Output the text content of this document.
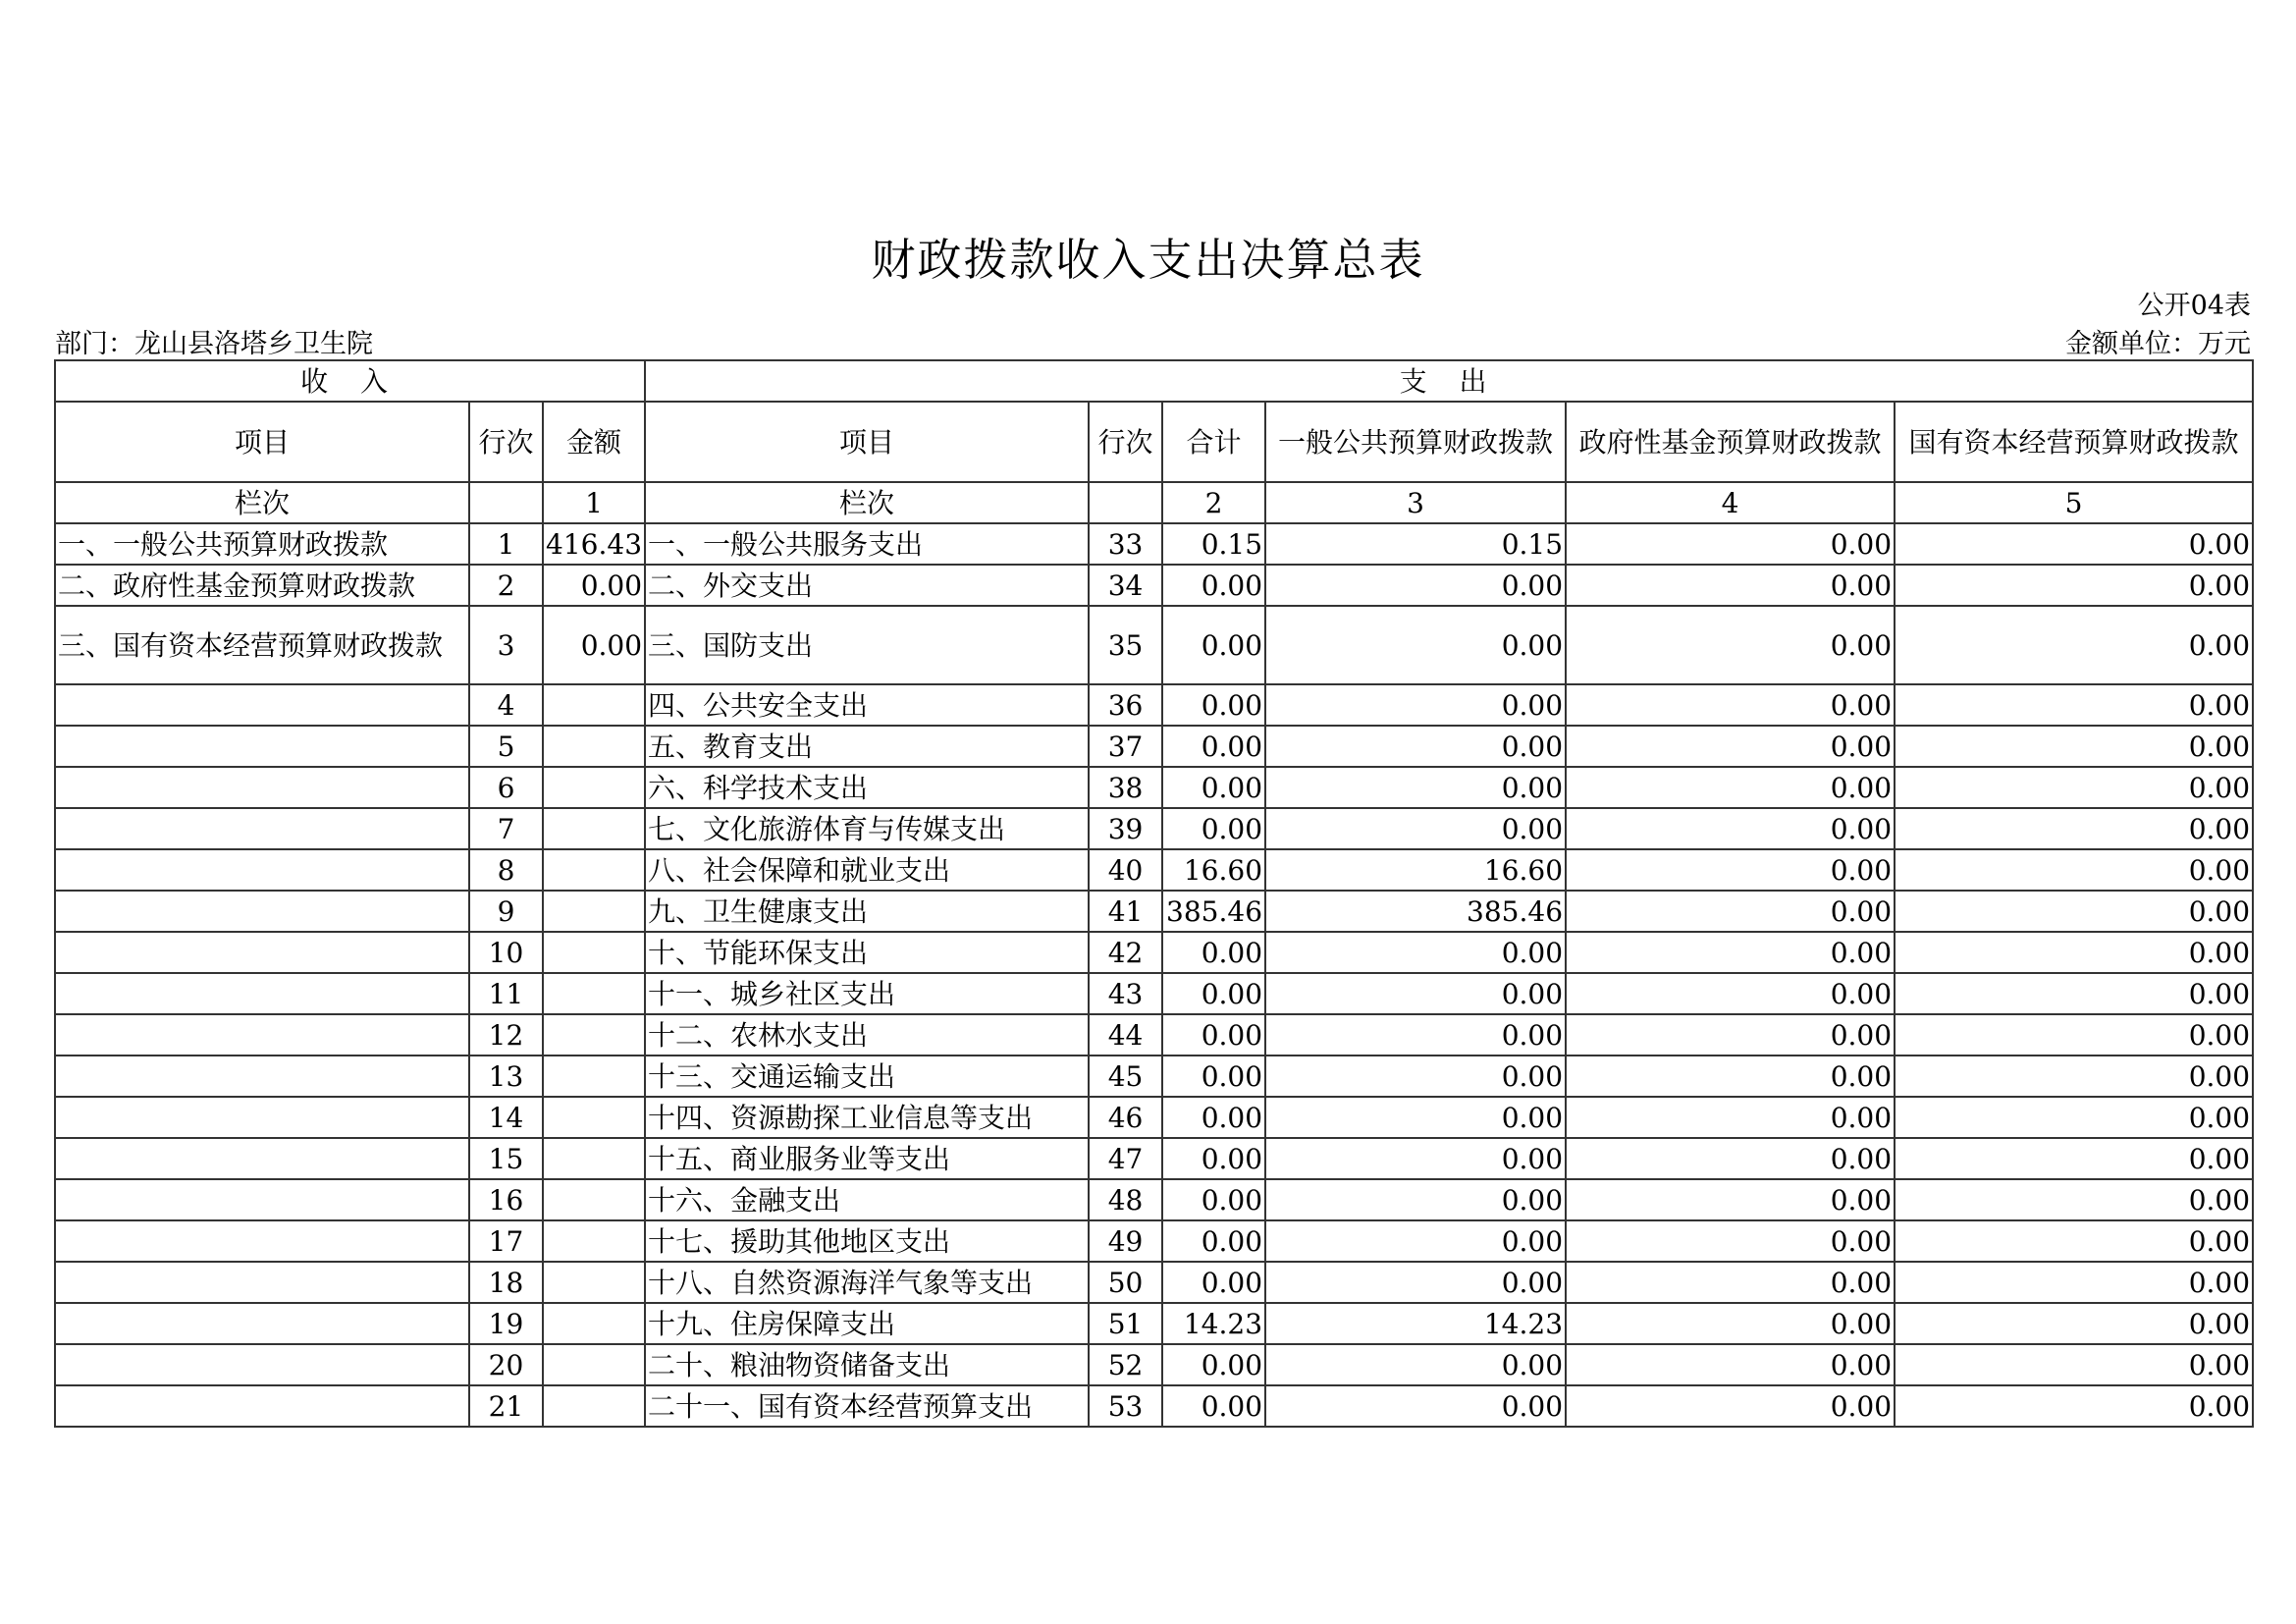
财政拨款收入支出决算总表
公开04表
部门：龙山县洛塔乡卫生院	金额单位：万元
收 入			支 出					
项目	行次	金额	项目	行次	合计	一般公共预算财政拨款	政府性基金预算财政拨款	国有资本经营预算财政拨款
栏次		1	栏次		2	3	4	5
一、一般公共预算财政拨款	1	416.43	一、一般公共服务支出	33	0.15	0.15	0.00	0.00
二、政府性基金预算财政拨款	2	0.00	二、外交支出	34	0.00	0.00	0.00	0.00
三、国有资本经营预算财政拨款	3	0.00	三、国防支出	35	0.00	0.00	0.00	0.00
	4		四、公共安全支出	36	0.00	0.00	0.00	0.00
	5		五、教育支出	37	0.00	0.00	0.00	0.00
	6		六、科学技术支出	38	0.00	0.00	0.00	0.00
	7		七、文化旅游体育与传媒支出	39	0.00	0.00	0.00	0.00
	8		八、社会保障和就业支出	40	16.60	16.60	0.00	0.00
	9		九、卫生健康支出	41	385.46	385.46	0.00	0.00
	10		十、节能环保支出	42	0.00	0.00	0.00	0.00
	11		十一、城乡社区支出	43	0.00	0.00	0.00	0.00
	12		十二、农林水支出	44	0.00	0.00	0.00	0.00
	13		十三、交通运输支出	45	0.00	0.00	0.00	0.00
	14		十四、资源勘探工业信息等支出	46	0.00	0.00	0.00	0.00
	15		十五、商业服务业等支出	47	0.00	0.00	0.00	0.00
	16		十六、金融支出	48	0.00	0.00	0.00	0.00
	17		十七、援助其他地区支出	49	0.00	0.00	0.00	0.00
	18		十八、自然资源海洋气象等支出	50	0.00	0.00	0.00	0.00
	19		十九、住房保障支出	51	14.23	14.23	0.00	0.00
	20		二十、粮油物资储备支出	52	0.00	0.00	0.00	0.00
	21		二十一、国有资本经营预算支出	53	0.00	0.00	0.00	0.00
